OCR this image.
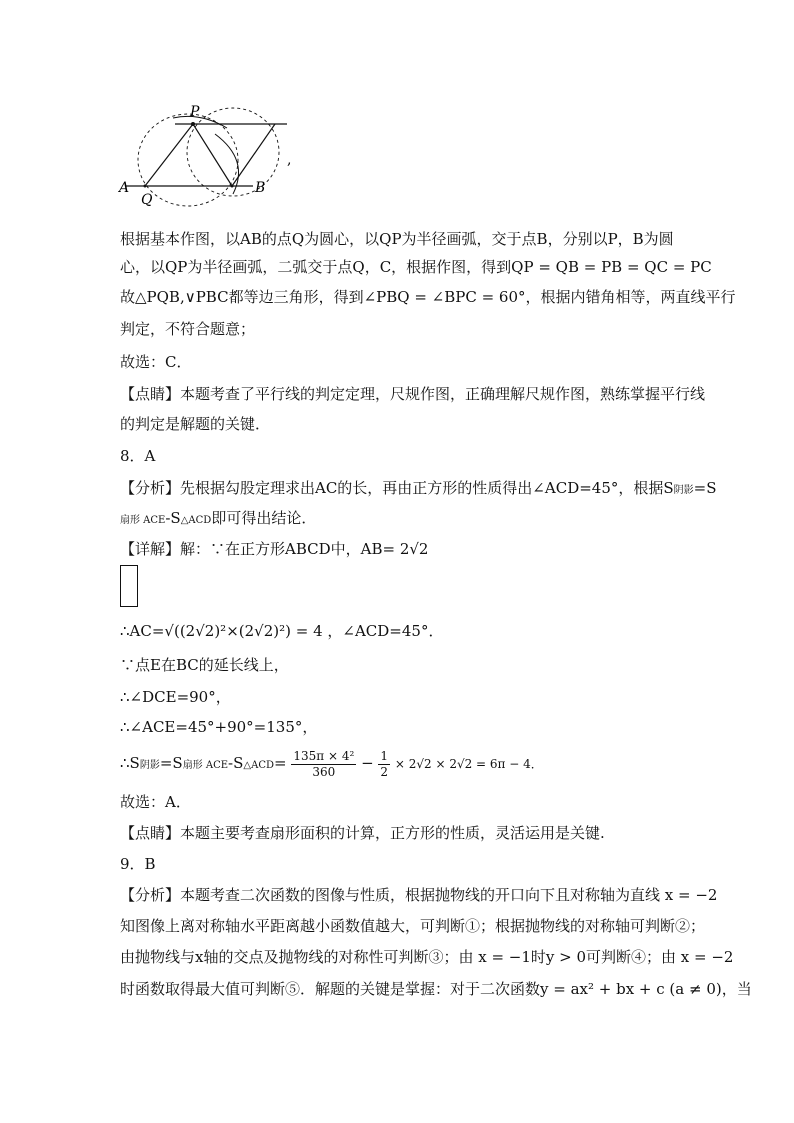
P
A
Q
B
,
根据基本作图，以AB的点Q为圆心，以QP为半径画弧，交于点B，分别以P，B为圆
心，以QP为半径画弧，二弧交于点Q，C，根据作图，得到QP = QB = PB = QC = PC
故△PQB,∨PBC都等边三角形，得到∠PBQ = ∠BPC = 60°，根据内错角相等，两直线平行
判定，不符合题意；
故选：C．
【点睛】本题考查了平行线的判定定理，尺规作图，正确理解尺规作图，熟练掌握平行线
的判定是解题的关键．
8．A
【分析】先根据勾股定理求出AC的长，再由正方形的性质得出∠ACD=45°，根据S阴影=S
扇形 ACE-S△ACD即可得出结论．
【详解】解：∵在正方形ABCD中，AB= 2√2
∴AC=√((2√2)²×(2√2)²) = 4 ，∠ACD=45°．
∵点E在BC的延长线上，
∴∠DCE=90°，
∴∠ACE=45°+90°=135°，
∴S阴影=S扇形 ACE-S△ACD= $\frac{\text{135π × 4²}}{360} - \frac{1}{2} \times 2√2 \times 2√2 = 6\pi - 4$．
故选：A．
【点睛】本题主要考查扇形面积的计算，正方形的性质，灵活运用是关键.
9．B
【分析】本题考查二次函数的图像与性质，根据抛物线的开口向下且对称轴为直线 x = −2
知图像上离对称轴水平距离越小函数值越大，可判断①；根据抛物线的对称轴可判断②；
由抛物线与x轴的交点及抛物线的对称性可判断③；由 x = −1时y > 0可判断④；由 x = −2
时函数取得最大值可判断⑤．解题的关键是掌握：对于二次函数y = ax² + bx + c (a ≠ 0)，当
